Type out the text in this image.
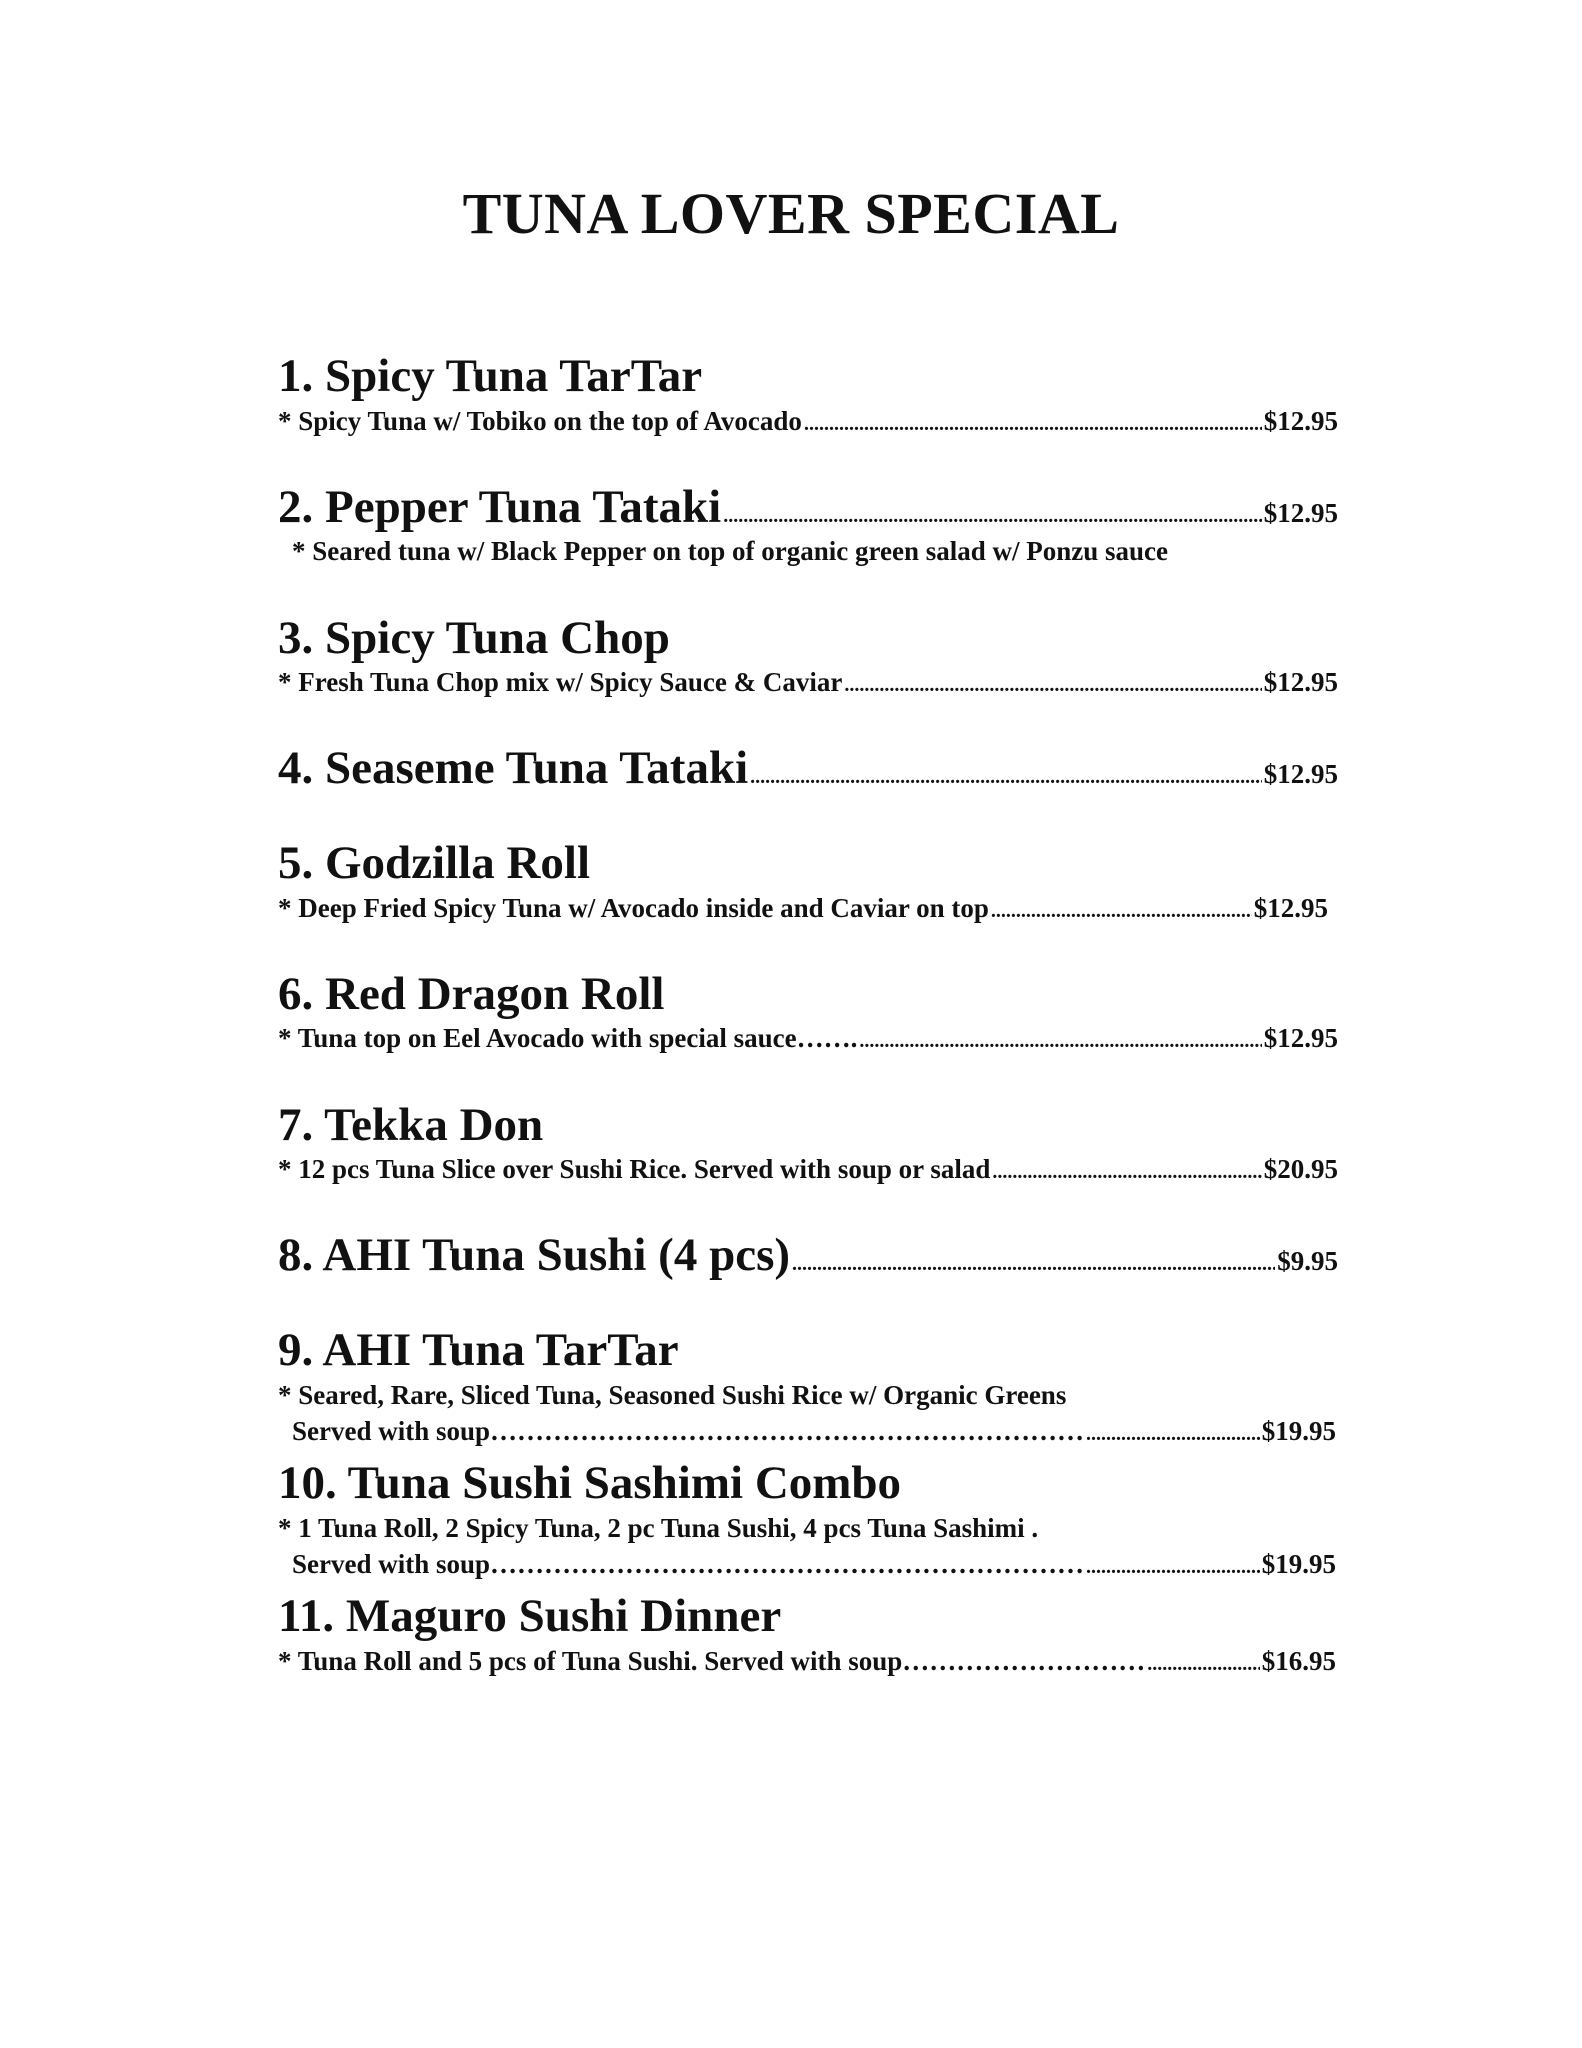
TUNA LOVER SPECIAL
1. Spicy Tuna TarTar
* Spicy Tuna w/ Tobiko on the top of Avocado .....	$12.95
2. Pepper Tuna Tataki .....	$12.95
* Seared tuna w/ Black Pepper on top of organic green salad w/ Ponzu sauce
3. Spicy Tuna Chop
* Fresh Tuna Chop mix w/ Spicy Sauce & Caviar .....	$12.95
4. Seaseme Tuna Tataki .....	$12.95
5. Godzilla Roll
* Deep Fried Spicy Tuna w/ Avocado inside and Caviar on top .....	$12.95
6. Red Dragon Roll
* Tuna top on Eel Avocado with special sauce……. .....	$12.95
7. Tekka Don
* 12 pcs Tuna Slice over Sushi Rice. Served with soup or salad .....	$20.95
8. AHI Tuna Sushi (4 pcs) .....	$9.95
9. AHI Tuna TarTar
* Seared, Rare, Sliced Tuna, Seasoned Sushi Rice w/ Organic Greens
Served with soup………………………………………………………… .....	$19.95
10. Tuna Sushi Sashimi Combo
* 1 Tuna Roll, 2 Spicy Tuna, 2 pc Tuna Sushi, 4 pcs Tuna Sashimi .
Served with soup………………………………………………………… .....	$19.95
11. Maguro Sushi Dinner
* Tuna Roll and 5 pcs of Tuna Sushi. Served with soup……………………… .....	$16.95
